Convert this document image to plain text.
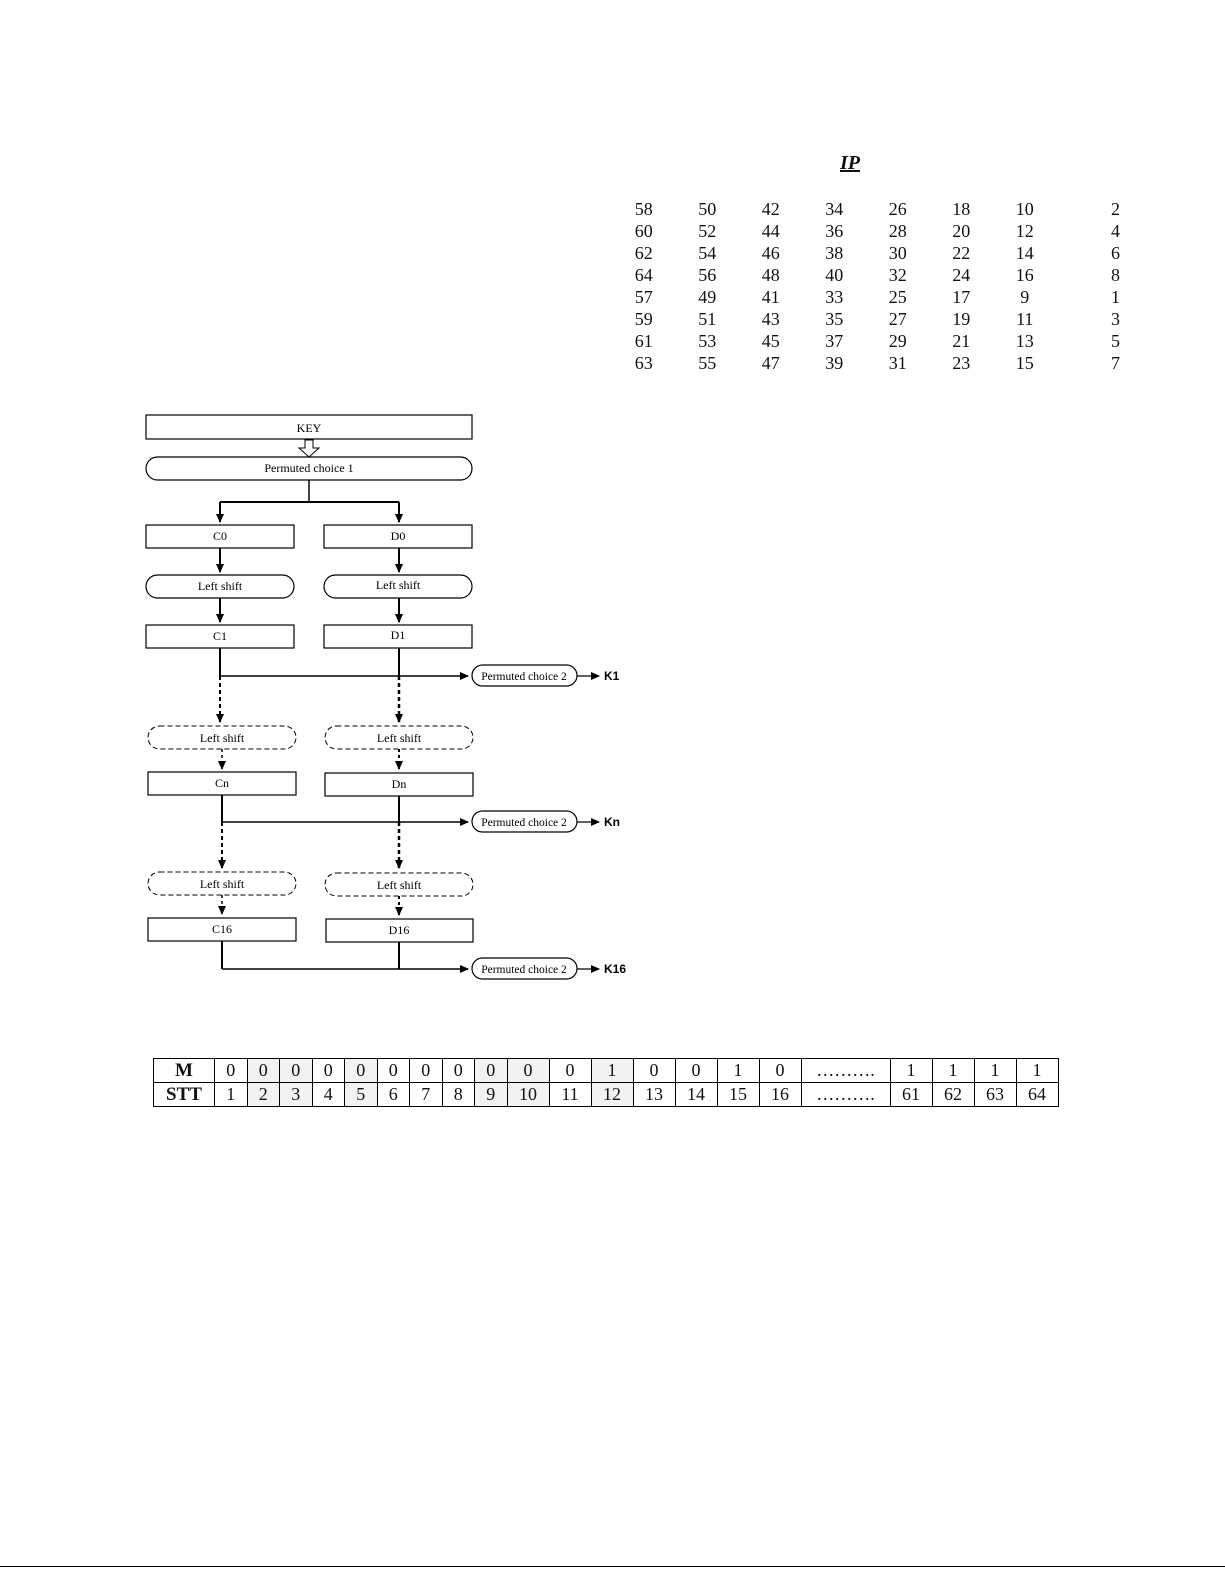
IP
58	50	42	34	26	18	10	2
60	52	44	36	28	20	12	4
62	54	46	38	30	22	14	6
64	56	48	40	32	24	16	8
57	49	41	33	25	17	9	1
59	51	43	35	27	19	11	3
61	53	45	37	29	21	13	5
63	55	47	39	31	23	15	7
KEY
Permuted choice 1
C0	D0
Left shift	Left shift
C1	D1
Permuted choice 2	K1
Left shift	Left shift
Cn	Dn
Permuted choice 2	Kn
Left shift	Left shift
C16	D16
Permuted choice 2	K16
M	0	0	0	0	0	0	0	0	0	0	0	1	0	0	1	0	……….	1	1	1	1
STT	1	2	3	4	5	6	7	8	9	10	11	12	13	14	15	16	……….	61	62	63	64
